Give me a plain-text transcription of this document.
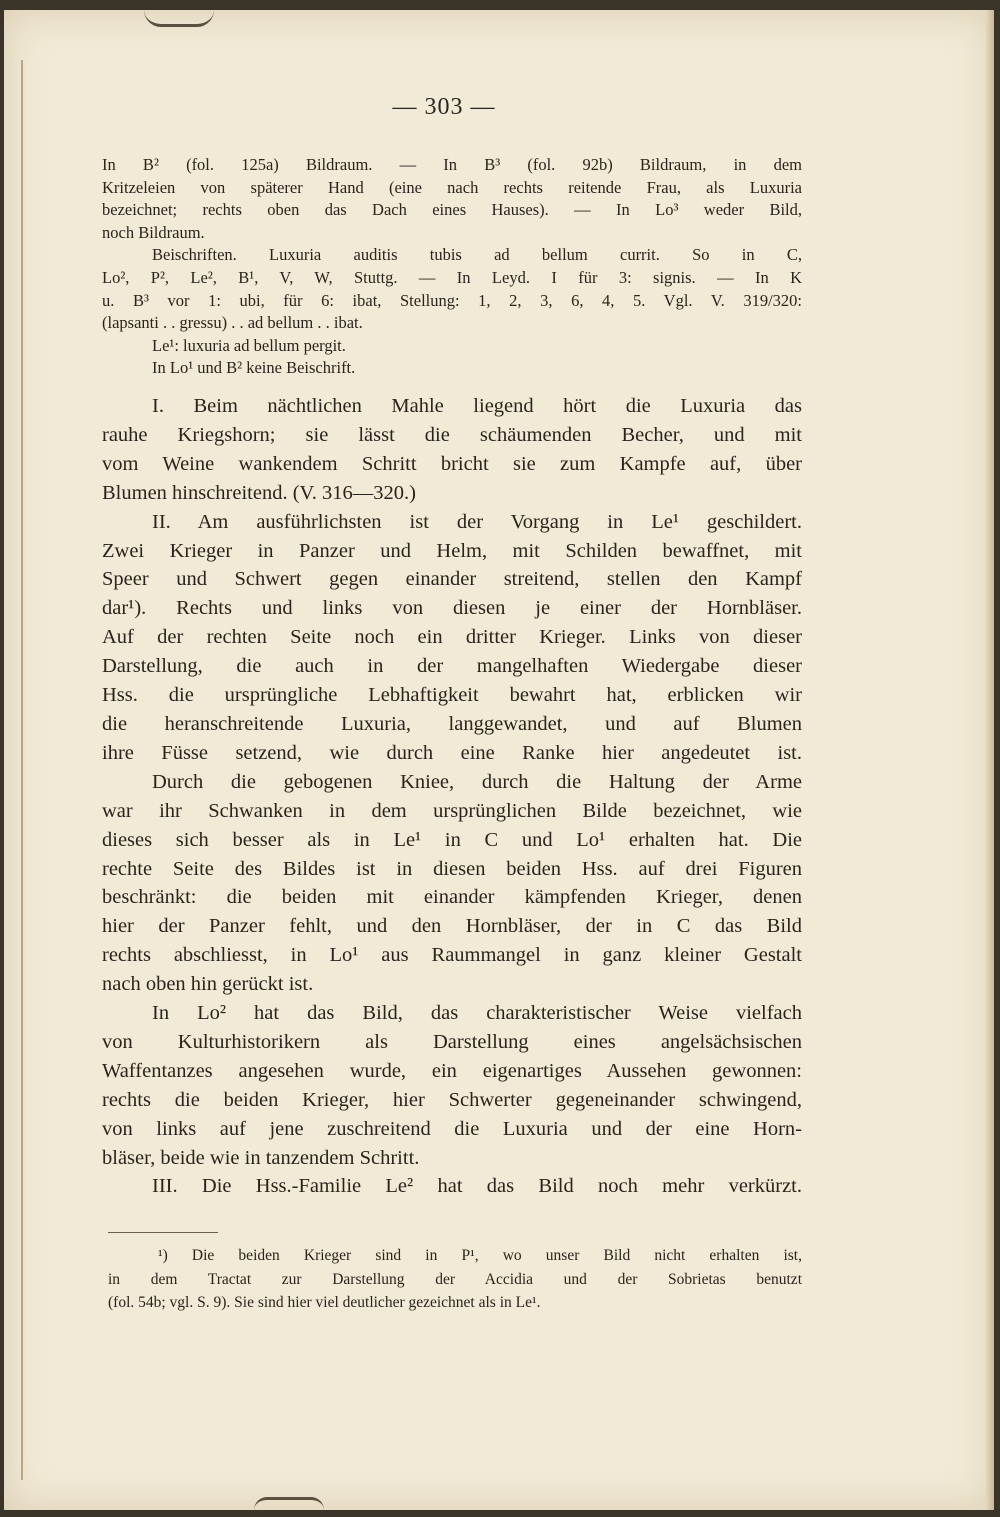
— 303 —
In B² (fol. 125a) Bildraum. — In B³ (fol. 92b) Bildraum, in dem
Kritzeleien von späterer Hand (eine nach rechts reitende Frau, als Luxuria
bezeichnet; rechts oben das Dach eines Hauses). — In Lo³ weder Bild,
noch Bildraum.
Beischriften. Luxuria auditis tubis ad bellum currit. So in C,
Lo², P², Le², B¹, V, W, Stuttg. — In Leyd. I für 3: signis. — In K
u. B³ vor 1: ubi, für 6: ibat, Stellung: 1, 2, 3, 6, 4, 5. Vgl. V. 319/320:
(lapsanti . . gressu) . . ad bellum . . ibat.
Le¹: luxuria ad bellum pergit.
In Lo¹ und B² keine Beischrift.
I. Beim nächtlichen Mahle liegend hört die Luxuria das
rauhe Kriegshorn; sie lässt die schäumenden Becher, und mit
vom Weine wankendem Schritt bricht sie zum Kampfe auf, über
Blumen hinschreitend. (V. 316—320.)
II. Am ausführlichsten ist der Vorgang in Le¹ geschildert.
Zwei Krieger in Panzer und Helm, mit Schilden bewaffnet, mit
Speer und Schwert gegen einander streitend, stellen den Kampf
dar¹). Rechts und links von diesen je einer der Hornbläser.
Auf der rechten Seite noch ein dritter Krieger. Links von dieser
Darstellung, die auch in der mangelhaften Wiedergabe dieser
Hss. die ursprüngliche Lebhaftigkeit bewahrt hat, erblicken wir
die heranschreitende Luxuria, langgewandet, und auf Blumen
ihre Füsse setzend, wie durch eine Ranke hier angedeutet ist.
Durch die gebogenen Kniee, durch die Haltung der Arme
war ihr Schwanken in dem ursprünglichen Bilde bezeichnet, wie
dieses sich besser als in Le¹ in C und Lo¹ erhalten hat. Die
rechte Seite des Bildes ist in diesen beiden Hss. auf drei Figuren
beschränkt: die beiden mit einander kämpfenden Krieger, denen
hier der Panzer fehlt, und den Hornbläser, der in C das Bild
rechts abschliesst, in Lo¹ aus Raummangel in ganz kleiner Gestalt
nach oben hin gerückt ist.
In Lo² hat das Bild, das charakteristischer Weise vielfach
von Kulturhistorikern als Darstellung eines angelsächsischen
Waffentanzes angesehen wurde, ein eigenartiges Aussehen gewonnen:
rechts die beiden Krieger, hier Schwerter gegeneinander schwingend,
von links auf jene zuschreitend die Luxuria und der eine Horn-
bläser, beide wie in tanzendem Schritt.
III. Die Hss.-Familie Le² hat das Bild noch mehr verkürzt.
¹) Die beiden Krieger sind in P¹, wo unser Bild nicht erhalten ist,
in dem Tractat zur Darstellung der Accidia und der Sobrietas benutzt
(fol. 54b; vgl. S. 9). Sie sind hier viel deutlicher gezeichnet als in Le¹.
